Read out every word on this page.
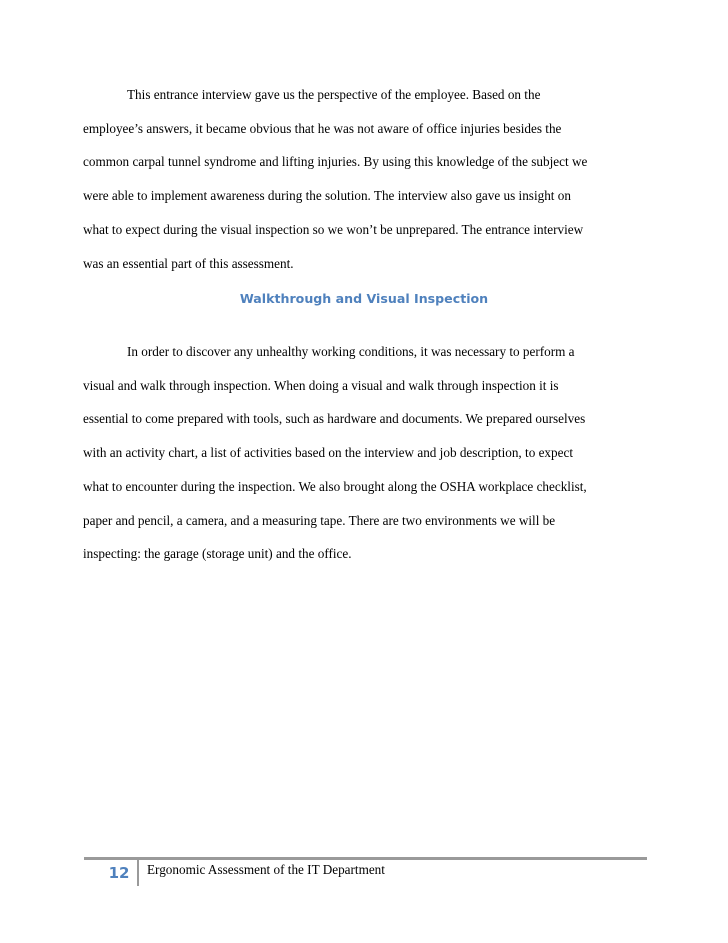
This entrance interview gave us the perspective of the employee. Based on the
employee’s answers, it became obvious that he was not aware of office injuries besides the
common carpal tunnel syndrome and lifting injuries. By using this knowledge of the subject we
were able to implement awareness during the solution. The interview also gave us insight on
what to expect during the visual inspection so we won’t be unprepared. The entrance interview
was an essential part of this assessment.

Walkthrough and Visual Inspection

In order to discover any unhealthy working conditions, it was necessary to perform a
visual and walk through inspection. When doing a visual and walk through inspection it is
essential to come prepared with tools, such as hardware and documents. We prepared ourselves
with an activity chart, a list of activities based on the interview and job description, to expect
what to encounter during the inspection. We also brought along the OSHA workplace checklist,
paper and pencil, a camera, and a measuring tape. There are two environments we will be
inspecting: the garage (storage unit) and the office.

12	Ergonomic Assessment of the IT Department
